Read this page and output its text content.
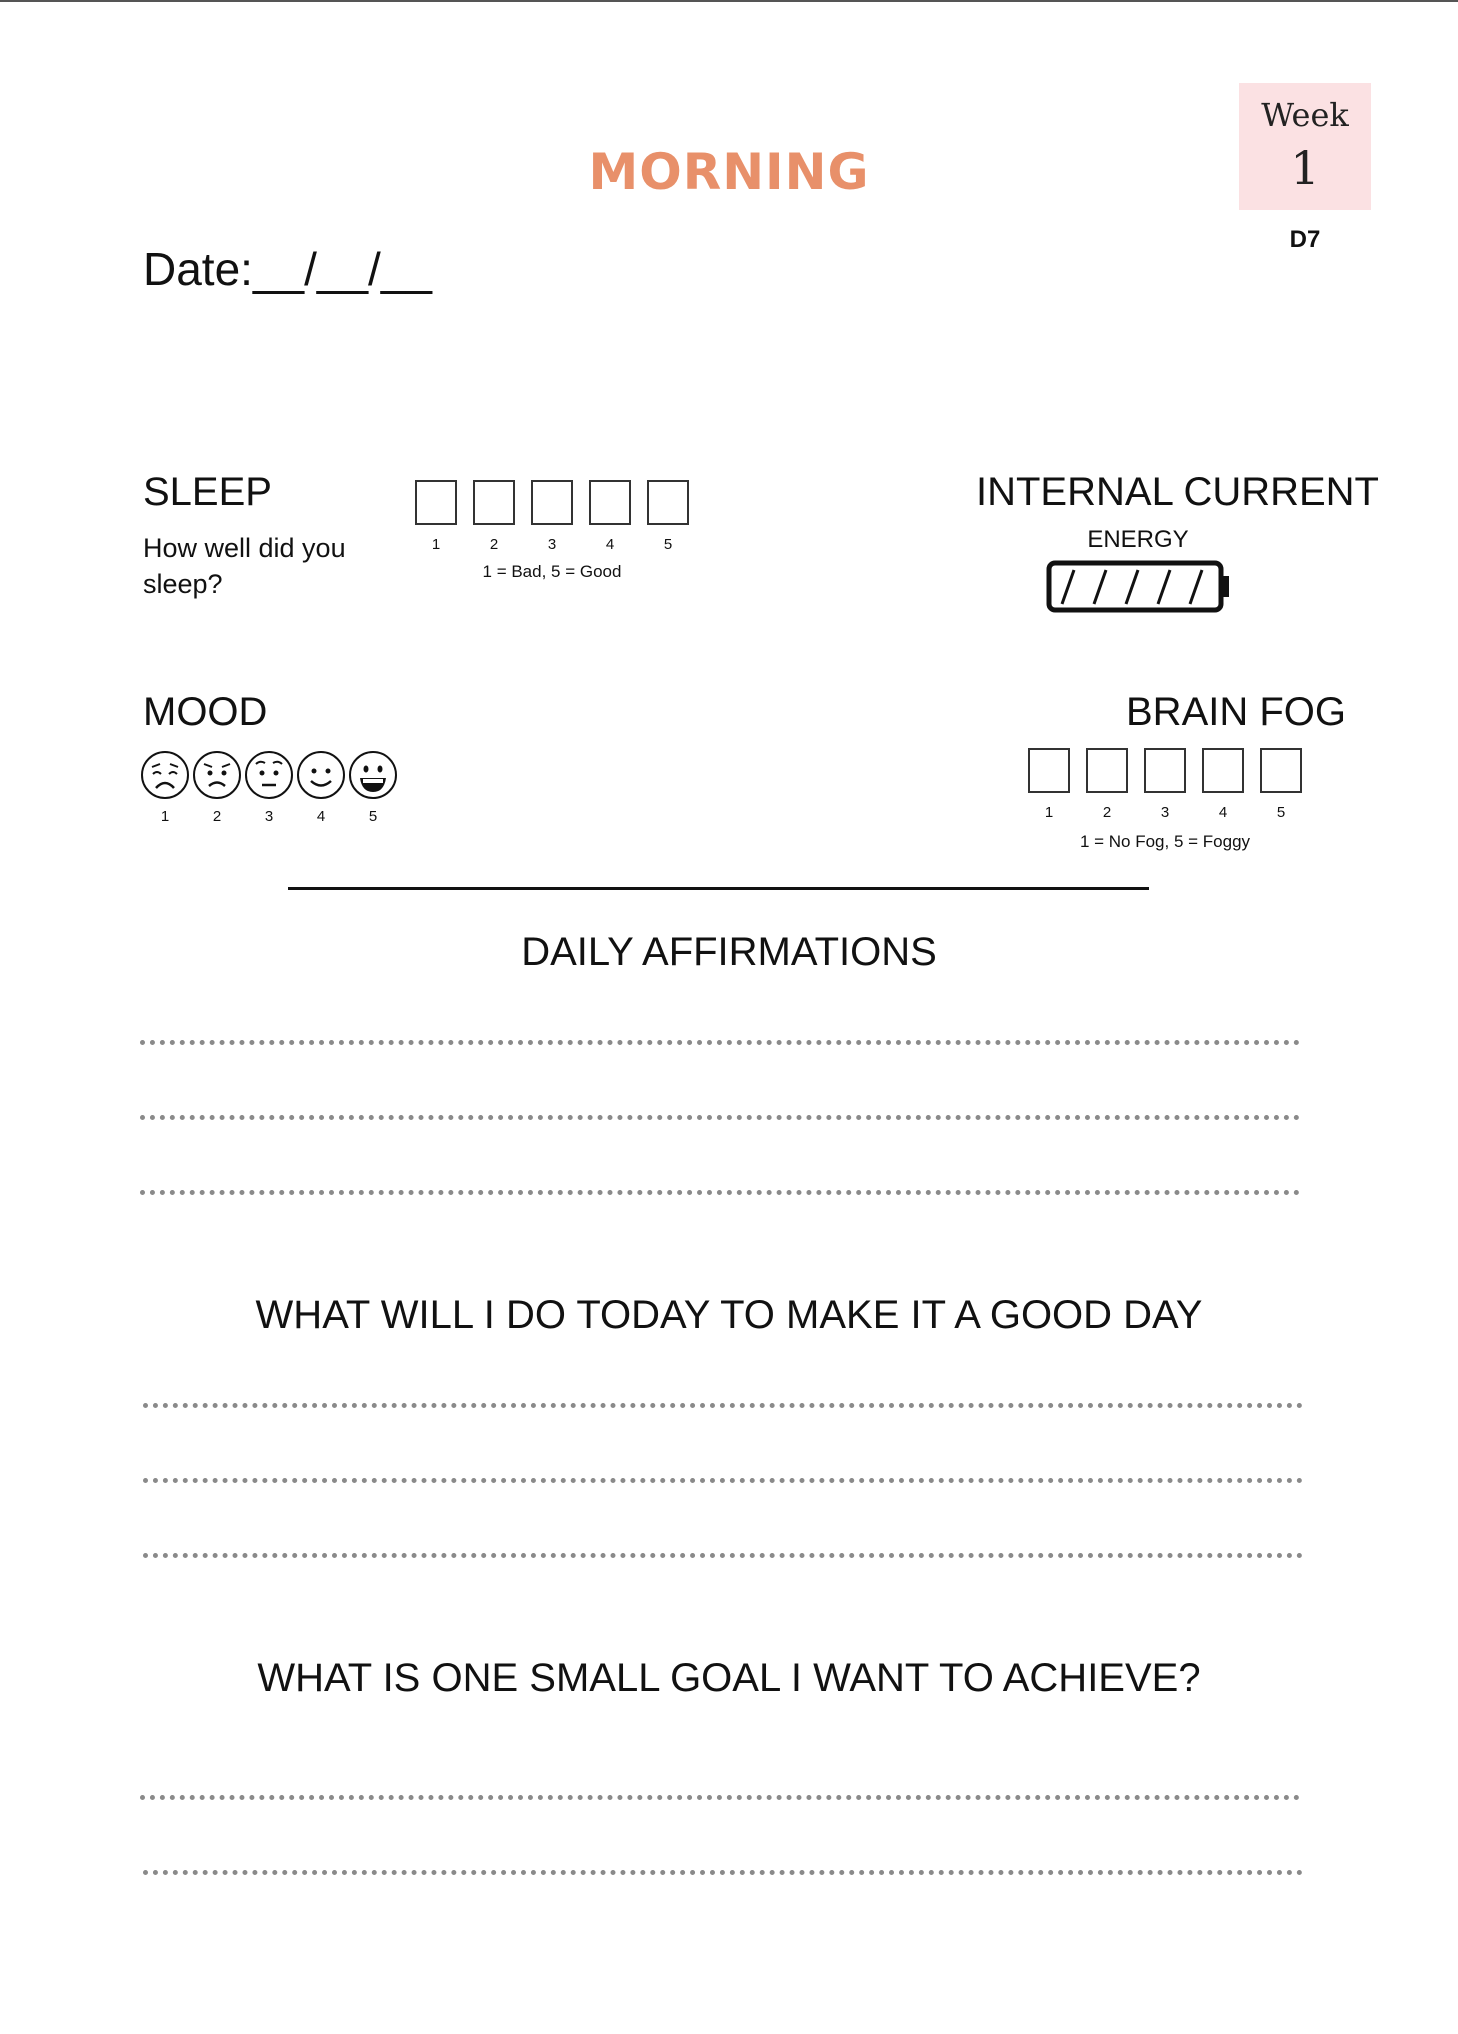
MORNING
Week
1
D7
Date:__/__/__
SLEEP
How well did you
sleep?
1	2	3	4	5
1 = Bad, 5 = Good
INTERNAL CURRENT
ENERGY
MOOD
1	2	3	4	5
BRAIN FOG
1	2	3	4	5
1 = No Fog, 5 = Foggy
DAILY AFFIRMATIONS
WHAT WILL I DO TODAY TO MAKE IT A GOOD DAY
WHAT IS ONE SMALL GOAL I WANT TO ACHIEVE?
